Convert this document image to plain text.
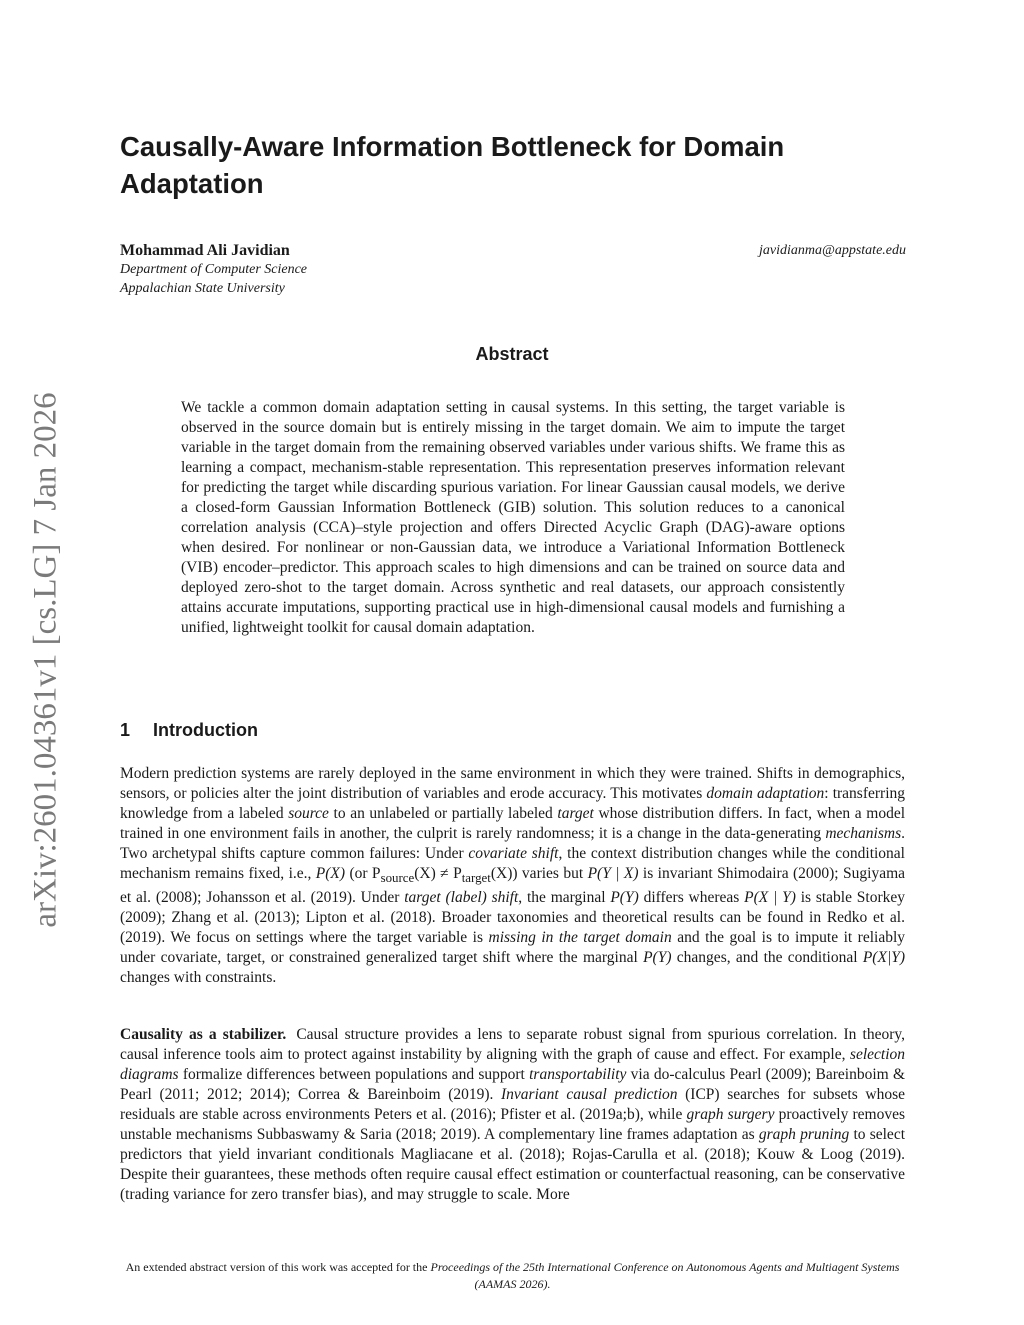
arXiv:2601.04361v1 [cs.LG] 7 Jan 2026
Causally-Aware Information Bottleneck for Domain Adaptation
Mohammad Ali Javidian	javidianma@appstate.edu
Department of Computer Science
Appalachian State University
Abstract

We tackle a common domain adaptation setting in causal systems. In this setting, the target variable is observed in the source domain but is entirely missing in the target domain. We aim to impute the target variable in the target domain from the remaining observed variables under various shifts. We frame this as learning a compact, mechanism-stable representation. This representation preserves information relevant for predicting the target while discarding spurious variation. For linear Gaussian causal models, we derive a closed-form Gaussian Information Bottleneck (GIB) solution. This solution reduces to a canonical correlation analysis (CCA)–style projection and offers Directed Acyclic Graph (DAG)-aware options when desired. For nonlinear or non-Gaussian data, we introduce a Variational Information Bottleneck (VIB) encoder–predictor. This approach scales to high dimensions and can be trained on source data and deployed zero-shot to the target domain. Across synthetic and real datasets, our approach consistently attains accurate imputations, supporting practical use in high-dimensional causal models and furnishing a unified, lightweight toolkit for causal domain adaptation.

1 Introduction

Modern prediction systems are rarely deployed in the same environment in which they were trained. Shifts in demographics, sensors, or policies alter the joint distribution of variables and erode accuracy. This motivates domain adaptation: transferring knowledge from a labeled source to an unlabeled or partially labeled target whose distribution differs. In fact, when a model trained in one environment fails in another, the culprit is rarely randomness; it is a change in the data-generating mechanisms. Two archetypal shifts capture common failures: Under covariate shift, the context distribution changes while the conditional mechanism remains fixed, i.e., P(X) (or $P_{source}(X) \ne P_{target}(X)$) varies but P(Y | X) is invariant Shimodaira (2000); Sugiyama et al. (2008); Johansson et al. (2019). Under target (label) shift, the marginal P(Y) differs whereas P(X | Y) is stable Storkey (2009); Zhang et al. (2013); Lipton et al. (2018). Broader taxonomies and theoretical results can be found in Redko et al. (2019). We focus on settings where the target variable is missing in the target domain and the goal is to impute it reliably under covariate, target, or constrained generalized target shift where the marginal P(Y) changes, and the conditional P(X|Y) changes with constraints.

Causality as a stabilizer. Causal structure provides a lens to separate robust signal from spurious correlation. In theory, causal inference tools aim to protect against instability by aligning with the graph of cause and effect. For example, selection diagrams formalize differences between populations and support transportability via do-calculus Pearl (2009); Bareinboim & Pearl (2011; 2012; 2014); Correa & Bareinboim (2019). Invariant causal prediction (ICP) searches for subsets whose residuals are stable across environments Peters et al. (2016); Pfister et al. (2019a;b), while graph surgery proactively removes unstable mechanisms Subbaswamy & Saria (2018; 2019). A complementary line frames adaptation as graph pruning to select predictors that yield invariant conditionals Magliacane et al. (2018); Rojas-Carulla et al. (2018); Kouw & Loog (2019). Despite their guarantees, these methods often require causal effect estimation or counterfactual reasoning, can be conservative (trading variance for zero transfer bias), and may struggle to scale. More

An extended abstract version of this work was accepted for the Proceedings of the 25th International Conference on Autonomous Agents and Multiagent Systems (AAMAS 2026).
